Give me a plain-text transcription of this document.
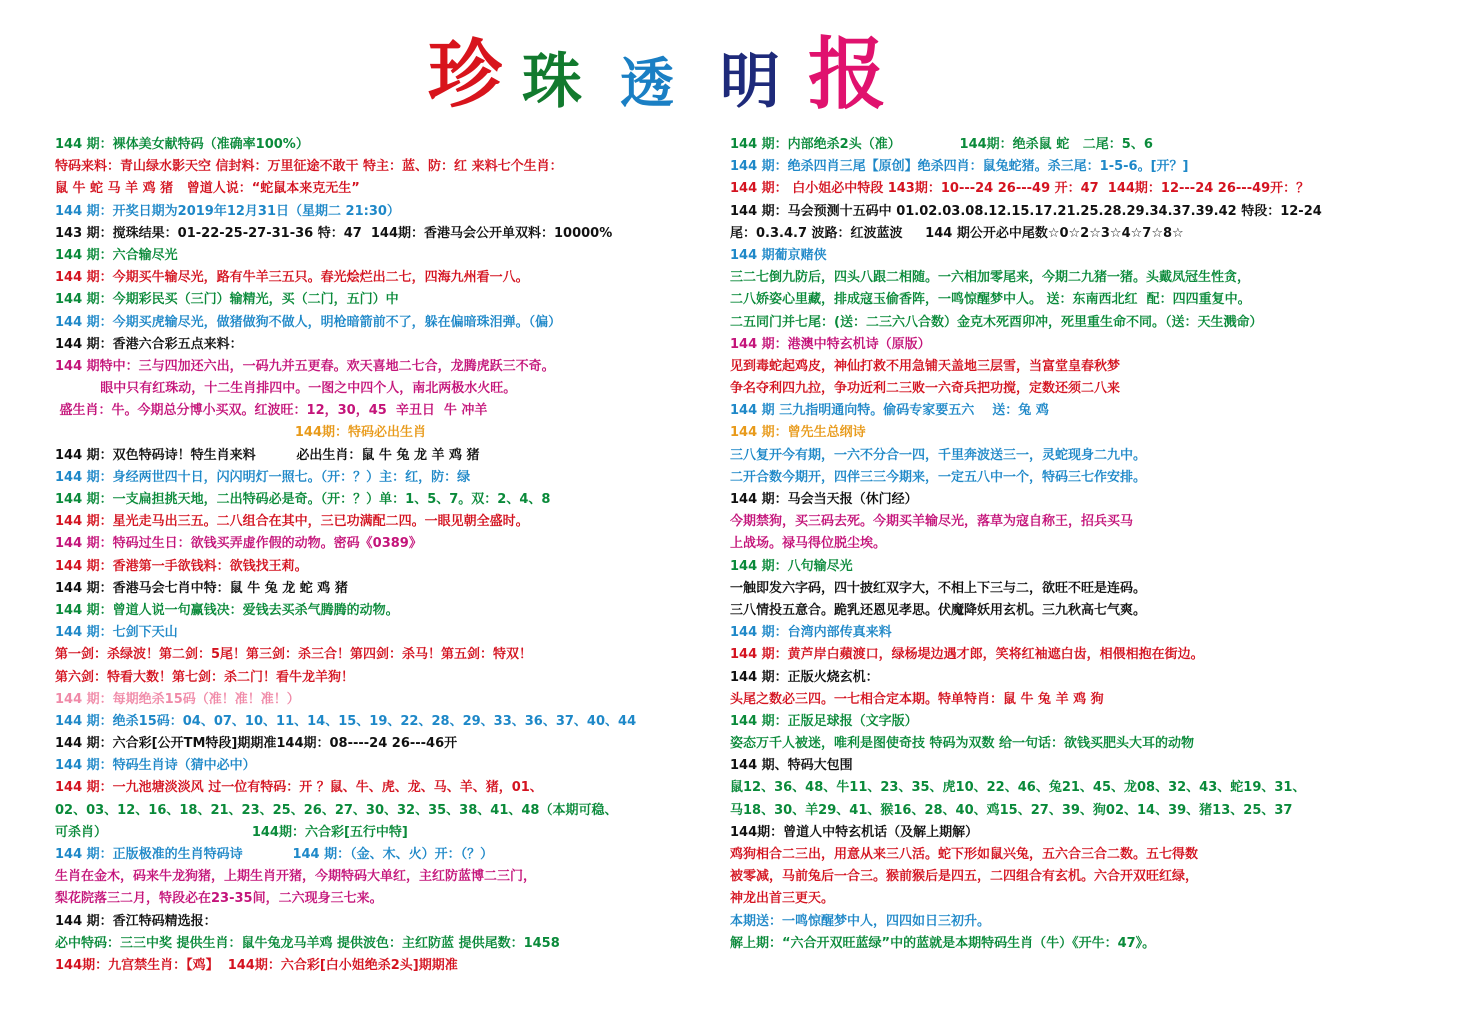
珍 珠 透 明 报
144 期：裸体美女献特码（准确率100%）
特码来料：青山绿水影天空 信封料：万里征途不敢干 特主：蓝、防：红 来料七个生肖：
鼠 牛 蛇 马 羊 鸡 猪   曾道人说：“蛇鼠本来克无生”
144 期：开奖日期为2019年12月31日（星期二 21:30）
143 期：搅珠结果：01-22-25-27-31-36 特：47  144期：香港马会公开单双料：10000%
144 期：六合输尽光
144 期：今期买牛输尽光，路有牛羊三五只。春光烩烂出二七，四海九州看一八。
144 期：今期彩民买（三门）输精光，买（二门，五门）中
144 期：今期买虎输尽光，做猪做狗不做人，明枪暗箭前不了，躲在偏暗珠泪弹。（偏）
144 期：香港六合彩五点来料：
144 期特中：三与四加还六出，一码九并五更春。欢天喜地二七合，龙腾虎跃三不奇。
眼中只有红珠动，十二生肖排四中。一图之中四个人，南北两极水火旺。
盛生肖：牛。今期总分博小买双。红波旺：12，30，45  辛丑日  牛 冲羊
144期：特码必出生肖
144 期：双色特码诗！特生肖来料         必出生肖：鼠 牛 兔 龙 羊 鸡 猪
144 期：身经两世四十日，闪闪明灯一照七。（开：？）主：红，防：绿
144 期：一支扁担挑天地，二出特码必是奇。（开：？）单：1、5、7。双：2、4、8
144 期：星光走马出三五。二八组合在其中，三已功满配二四。一眼见朝全盛时。
144 期：特码过生日：欲钱买弄虚作假的动物。密码《0389》
144 期：香港第一手欲钱料：欲钱找王莉。
144 期：香港马会七肖中特：鼠 牛 兔 龙 蛇 鸡 猪
144 期：曾道人说一句赢钱决：爱钱去买杀气腾腾的动物。
144 期：七剑下天山
第一剑：杀绿波！第二剑：5尾！第三剑：杀三合！第四剑：杀马！第五剑：特双！
第六剑：特看大数！第七剑：杀二门！看牛龙羊狗！
144 期：每期绝杀15码（准！准！准！）
144 期：绝杀15码：04、07、10、11、14、15、19、22、28、29、33、36、37、40、44
144 期：六合彩[公开TM特段]期期准144期：08----24 26---46开
144 期：特码生肖诗（猜中必中）
144 期：一九池塘淡淡风 过一位有特码：开 ？鼠、牛、虎、龙、马、羊、猪，01、
02、03、12、16、18、21、23、25、26、27、30、32、35、38、41、48（本期可稳、
可杀肖）                                144期：六合彩[五行中特]
144 期：正版极准的生肖特码诗           144 期：（金、木、火）开：（？）
生肖在金木，码来牛龙狗猪，上期生肖开猪，今期特码大单红，主红防蓝博二三门，
梨花院落三二月，特段必在23-35间，二六现身三七来。
144 期：香江特码精选报：
必中特码：三三中奖 提供生肖：鼠牛兔龙马羊鸡 提供波色：主红防蓝 提供尾数：1458
144期：九宫禁生肖：【鸡】  144期：六合彩[白小姐绝杀2头]期期准
144 期：内部绝杀2头（准）             144期：绝杀鼠 蛇   二尾：5、6
144 期：绝杀四肖三尾【原创】绝杀四肖：鼠兔蛇猪。杀三尾：1-5-6。[开？]
144 期： 白小姐必中特段 143期：10---24 26---49 开：47  144期：12---24 26---49开：？
144 期：马会预测十五码中 01.02.03.08.12.15.17.21.25.28.29.34.37.39.42 特段：12-24
尾：0.3.4.7 波路：红波蓝波     144 期公开必中尾数☆0☆2☆3☆4☆7☆8☆
144 期葡京赌侠
三二七倒九防后，四头八跟二相随。一六相加零尾来，今期二九猪一猪。头戴凤冠生性贪，
二八娇姿心里藏，排成寇玉偷香阵，一鸣惊醒梦中人。 送：东南西北红  配：四四重复中。
二五同门并七尾：(送：二三六八合数）金克木死酉卯冲，死里重生命不同。（送：天生溅命）
144 期：港澳中特玄机诗（原版）
见到毒蛇起鸡皮，神仙打救不用急铺天盖地三层雪，当富堂皇春秋梦
争名夺利四九拉，争功近利二三败一六奇兵把功搅，定数还须二八来
144 期 三九指明通向特。偷码专家要五六    送：兔 鸡
144 期：曾先生总纲诗
三八复开今有期，一六不分合一四，千里奔波送三一，灵蛇现身二九中。
二开合数今期开，四伴三三今期来，一定五八中一个，特码三七作安排。
144 期：马会当天报（休门经）
今期禁狗，买三码去死。今期买羊输尽光，落草为寇自称王，招兵买马
上战场。禄马得位脱尘埃。
144 期：八句输尽光
一触即发六字码，四十披红双字大，不相上下三与二，欲旺不旺是连码。
三八情投五意合。跪乳还恩见孝思。伏魔降妖用玄机。三九秋高七气爽。
144 期：台湾内部传真来料
144 期：黄芦岸白蘋渡口，绿杨堤边遇才郎，笑将红袖遮白齿，相偎相抱在街边。
144 期：正版火烧玄机：
头尾之数必三四。一七相合定本期。特单特肖：鼠 牛 兔 羊 鸡 狗
144 期：正版足球报（文字版）
姿态万千人被迷，唯利是图使奇技 特码为双数 给一句话：欲钱买肥头大耳的动物
144 期、特码大包围
鼠12、36、48、牛11、23、35、虎10、22、46、兔21、45、龙08、32、43、蛇19、31、
马18、30、羊29、41、猴16、28、40、鸡15、27、39、狗02、14、39、猪13、25、37
144期：曾道人中特玄机话（及解上期解）
鸡狗相合二三出，用意从来三八活。蛇下形如鼠兴兔，五六合三合二数。五七得数
被零减，马前兔后一合三。猴前猴后是四五，二四组合有玄机。六合开双旺红绿，
神龙出首三更天。
本期送：一鸣惊醒梦中人，四四如日三初升。
解上期：“六合开双旺蓝绿”中的蓝就是本期特码生肖（牛）《开牛：47》。
